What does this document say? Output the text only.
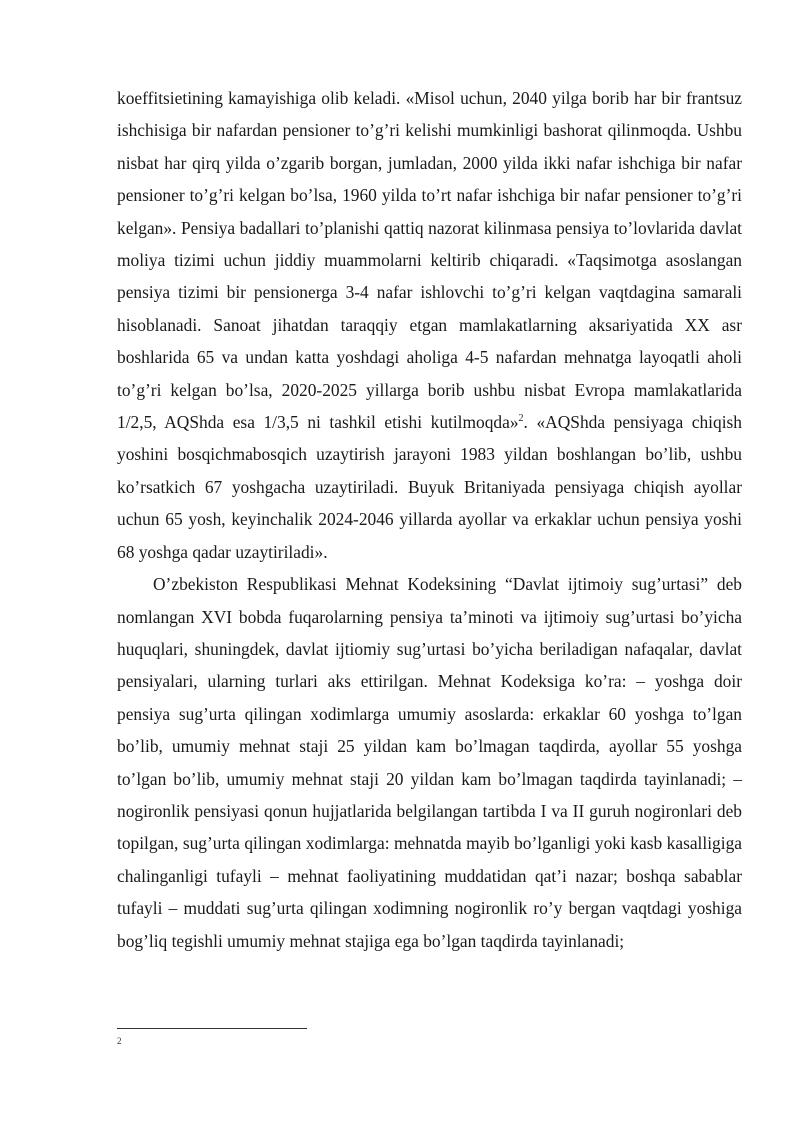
koeffitsietining kamayishiga olib keladi. «Misol uchun, 2040 yilga borib har bir frantsuz ishchisiga bir nafardan pensioner to’g’ri kelishi mumkinligi bashorat qilinmoqda. Ushbu nisbat har qirq yilda o’zgarib borgan, jumladan, 2000 yilda ikki nafar ishchiga bir nafar pensioner to’g’ri kelgan bo’lsa, 1960 yilda to’rt nafar ishchiga bir nafar pensioner to’g’ri kelgan». Pensiya badallari to’planishi qattiq nazorat kilinmasa pensiya to’lovlarida davlat moliya tizimi uchun jiddiy muammolarni keltirib chiqaradi. «Taqsimotga asoslangan pensiya tizimi bir pensionerga 3-4 nafar ishlovchi to’g’ri kelgan vaqtdagina samarali hisoblanadi. Sanoat jihatdan taraqqiy etgan mamlakatlarning aksariyatida XX asr boshlarida 65 va undan katta yoshdagi aholiga 4-5 nafardan mehnatga layoqatli aholi to’g’ri kelgan bo’lsa, 2020-2025 yillarga borib ushbu nisbat Evropa mamlakatlarida 1/2,5, AQShda esa 1/3,5 ni tashkil etishi kutilmoqda»$^2$. «AQShda pensiyaga chiqish yoshini bosqichmabosqich uzaytirish jarayoni 1983 yildan boshlangan bo’lib, ushbu ko’rsatkich 67 yoshgacha uzaytiriladi. Buyuk Britaniyada pensiyaga chiqish ayollar uchun 65 yosh, keyinchalik 2024-2046 yillarda ayollar va erkaklar uchun pensiya yoshi 68 yoshga qadar uzaytiriladi».

O’zbekiston Respublikasi Mehnat Kodeksining “Davlat ijtimoiy sug’urtasi” deb nomlangan XVI bobda fuqarolarning pensiya ta’minoti va ijtimoiy sug’urtasi bo’yicha huquqlari, shuningdek, davlat ijtiomiy sug’urtasi bo’yicha beriladigan nafaqalar, davlat pensiyalari, ularning turlari aks ettirilgan. Mehnat Kodeksiga ko’ra: – yoshga doir pensiya sug’urta qilingan xodimlarga umumiy asoslarda: erkaklar 60 yoshga to’lgan bo’lib, umumiy mehnat staji 25 yildan kam bo’lmagan taqdirda, ayollar 55 yoshga to’lgan bo’lib, umumiy mehnat staji 20 yildan kam bo’lmagan taqdirda tayinlanadi; – nogironlik pensiyasi qonun hujjatlarida belgilangan tartibda I va II guruh nogironlari deb topilgan, sug’urta qilingan xodimlarga: mehnatda mayib bo’lganligi yoki kasb kasalligiga chalinganligi tufayli – mehnat faoliyatining muddatidan qat’i nazar; boshqa sabablar tufayli – muddati sug’urta qilingan xodimning nogironlik ro’y bergan vaqtdagi yoshiga bog’liq tegishli umumiy mehnat stajiga ega bo’lgan taqdirda tayinlanadi;

2
